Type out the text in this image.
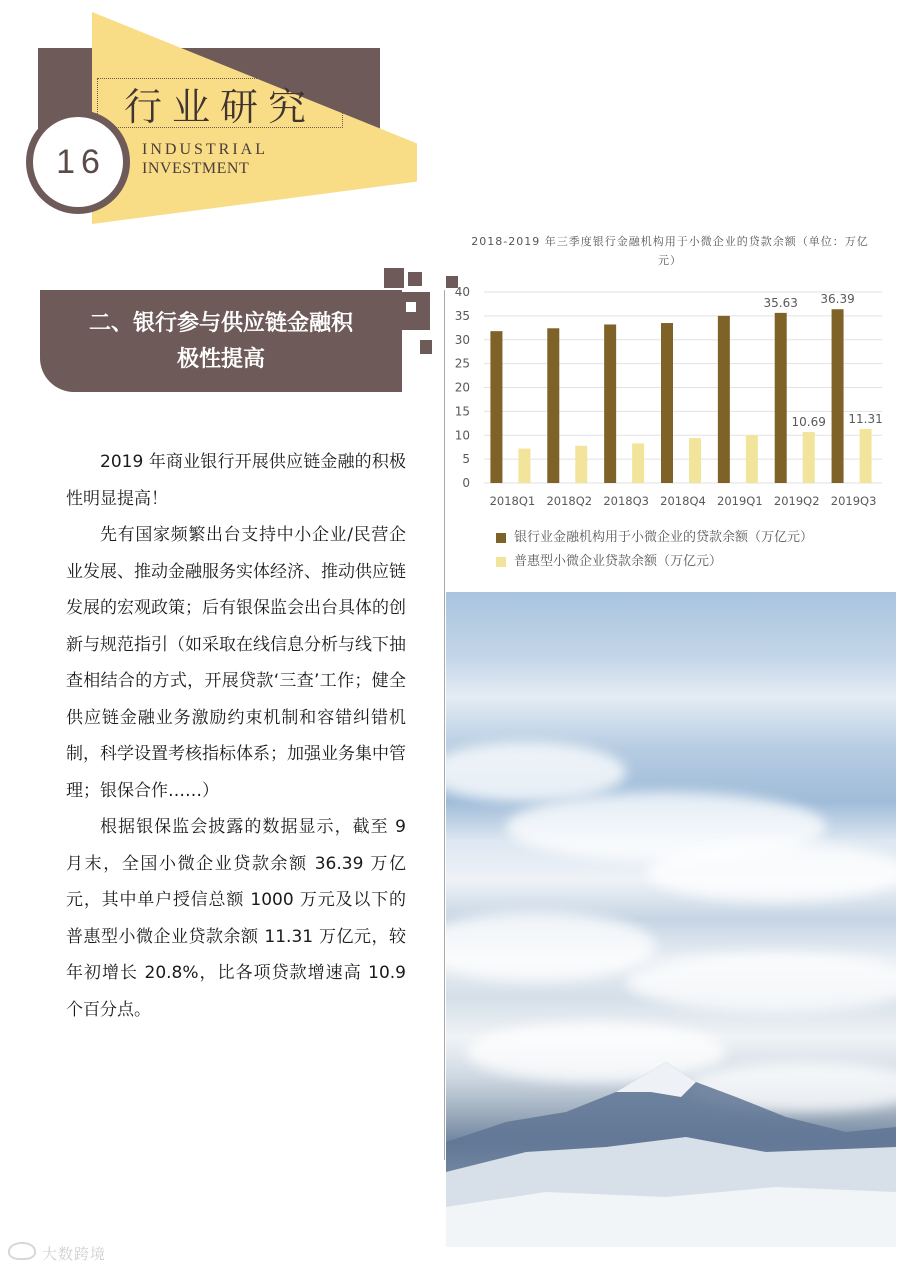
行业研究
INDUSTRIAL
INVESTMENT
16
二、银行参与供应链金融积
极性提高

2019 年商业银行开展供应链金融的积极性明显提高！

先有国家频繁出台支持中小企业/民营企业发展、推动金融服务实体经济、推动供应链发展的宏观政策；后有银保监会出台具体的创新与规范指引（如采取在线信息分析与线下抽查相结合的方式，开展贷款‘三查’工作；健全供应链金融业务激励约束机制和容错纠错机制，科学设置考核指标体系；加强业务集中管理；银保合作……）

根据银保监会披露的数据显示，截至 9 月末，全国小微企业贷款余额 36.39 万亿元，其中单户授信总额 1000 万元及以下的普惠型小微企业贷款余额 11.31 万亿元，较年初增长 20.8%，比各项贷款增速高 10.9 个百分点。

2018-2019 年三季度银行金融机构用于小微企业的贷款余额（单位：万亿元）
0
5
10
15
20
25
30
35
40
2018Q1 2018Q2 2018Q3 2018Q4 2019Q1
35.63
10.69
2019Q2
36.39
11.31
2019Q3
银行业金融机构用于小微企业的贷款余额（万亿元）
普惠型小微企业贷款余额（万亿元）
大数跨境
